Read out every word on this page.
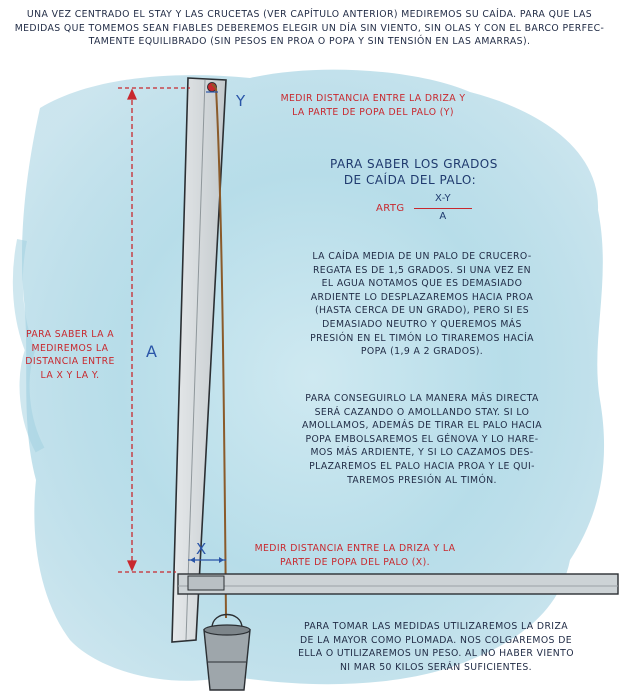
Y
X
A
UNA VEZ CENTRADO EL STAY Y LAS CRUCETAS (VER CAPÍTULO ANTERIOR) MEDIREMOS SU CAÍDA. PARA QUE LAS
MEDIDAS QUE TOMEMOS SEAN FIABLES DEBEREMOS ELEGIR UN DÍA SIN VIENTO, SIN OLAS Y CON EL BARCO PERFEC-
TAMENTE EQUILIBRADO (SIN PESOS EN PROA O POPA Y SIN TENSIÓN EN LAS AMARRAS).
MEDIR DISTANCIA ENTRE LA DRIZA Y
LA PARTE DE POPA DEL PALO (Y)
PARA SABER LOS GRADOS
DE CAÍDA DEL PALO:
ARTG
X-Y
A
LA CAÍDA MEDIA DE UN PALO DE CRUCERO-
REGATA ES DE 1,5 GRADOS. SI UNA VEZ EN
EL AGUA NOTAMOS QUE ES DEMASIADO
ARDIENTE LO DESPLAZAREMOS HACIA PROA
(HASTA CERCA DE UN GRADO), PERO SI ES
DEMASIADO NEUTRO Y QUEREMOS MÁS
PRESIÓN EN EL TIMÓN LO TIRAREMOS HACÍA
POPA (1,9 A 2 GRADOS).
PARA CONSEGUIRLO LA MANERA MÁS DIRECTA
SERÁ CAZANDO O AMOLLANDO STAY. SI LO
AMOLLAMOS, ADEMÁS DE TIRAR EL PALO HACIA
POPA EMBOLSAREMOS EL GÉNOVA Y LO HARE-
MOS MÁS ARDIENTE, Y SI LO CAZAMOS DES-
PLAZAREMOS EL PALO HACIA PROA Y LE QUI-
TAREMOS PRESIÓN AL TIMÓN.
PARA SABER LA A
MEDIREMOS LA
DISTANCIA ENTRE
LA X Y LA Y.
MEDIR DISTANCIA ENTRE LA DRIZA Y LA
PARTE DE POPA DEL PALO (X).
PARA TOMAR LAS MEDIDAS UTILIZAREMOS LA DRIZA
DE LA MAYOR COMO PLOMADA. NOS COLGAREMOS DE
ELLA O UTILIZAREMOS UN PESO. AL NO HABER VIENTO
NI MAR 50 KILOS SERÁN SUFICIENTES.
